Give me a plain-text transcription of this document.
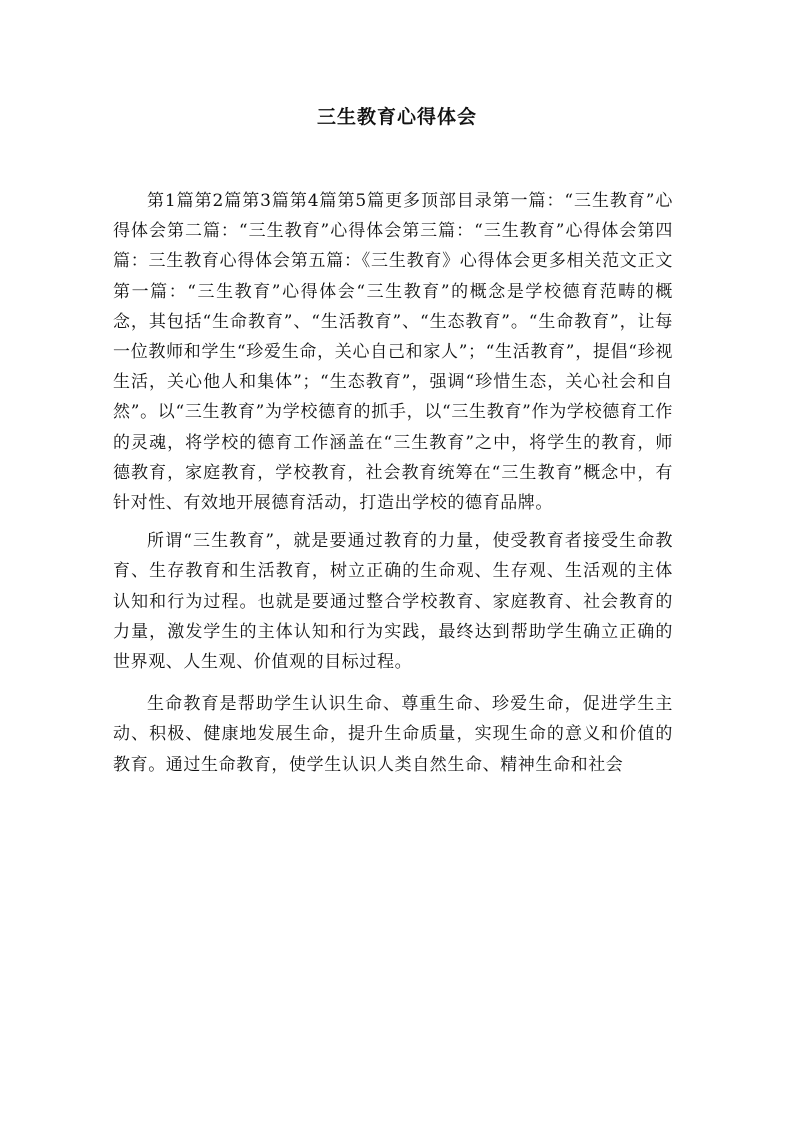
三生教育心得体会

第1篇第2篇第3篇第4篇第5篇更多顶部目录第一篇：“三生教育”心得体会第二篇：“三生教育”心得体会第三篇：“三生教育”心得体会第四篇：三生教育心得体会第五篇：《三生教育》心得体会更多相关范文正文第一篇：“三生教育”心得体会“三生教育”的概念是学校德育范畴的概念，其包括“生命教育”、“生活教育”、“生态教育”。“生命教育”，让每一位教师和学生“珍爱生命，关心自己和家人”；“生活教育”，提倡“珍视生活，关心他人和集体”；“生态教育”，强调“珍惜生态，关心社会和自然”。以“三生教育”为学校德育的抓手，以“三生教育”作为学校德育工作的灵魂，将学校的德育工作涵盖在“三生教育”之中，将学生的教育，师德教育，家庭教育，学校教育，社会教育统筹在“三生教育”概念中，有针对性、有效地开展德育活动，打造出学校的德育品牌。

所谓“三生教育”，就是要通过教育的力量，使受教育者接受生命教育、生存教育和生活教育，树立正确的生命观、生存观、生活观的主体认知和行为过程。也就是要通过整合学校教育、家庭教育、社会教育的力量，激发学生的主体认知和行为实践，最终达到帮助学生确立正确的世界观、人生观、价值观的目标过程。

生命教育是帮助学生认识生命、尊重生命、珍爱生命，促进学生主动、积极、健康地发展生命，提升生命质量，实现生命的意义和价值的教育。通过生命教育，使学生认识人类自然生命、精神生命和社会
